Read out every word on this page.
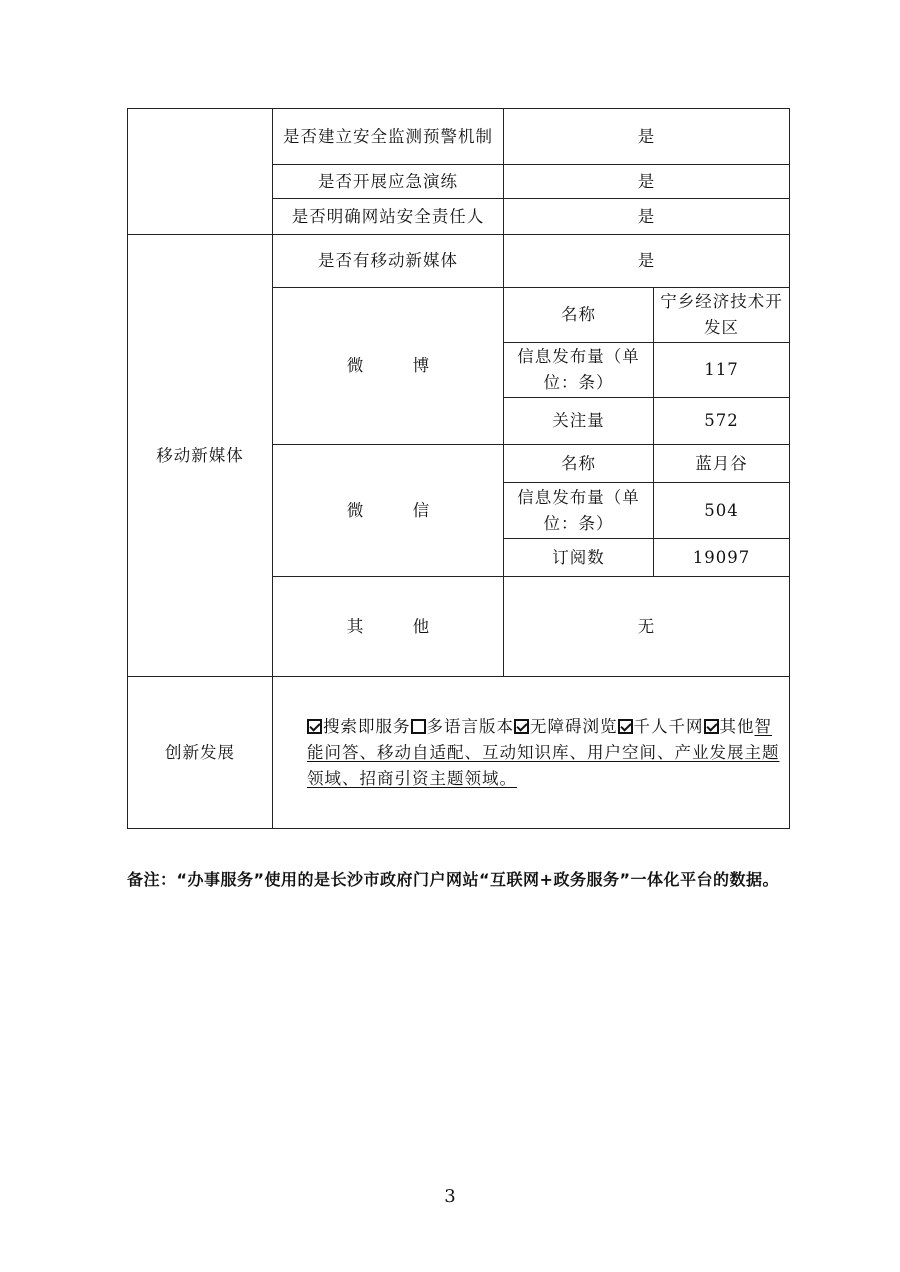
	是否建立安全监测预警机制	是	
	是否开展应急演练	是	
	是否明确网站安全责任人	是	
移动新媒体	是否有移动新媒体	是	
	微 博	名称	宁乡经济技术开发区
		信息发布量（单位：条）	117
		关注量	572
	微 信	名称	蓝月谷
		信息发布量（单位：条）	504
		订阅数	19097
	其 他	无	
创新发展	搜索即服务 多语言版本 无障碍浏览 千人千网 其他智能问答、移动自适配、互动知识库、用户空间、产业发展主题领域、招商引资主题领域。		
备注：“办事服务”使用的是长沙市政府门户网站“互联网+政务服务”一体化平台的数据。
3
